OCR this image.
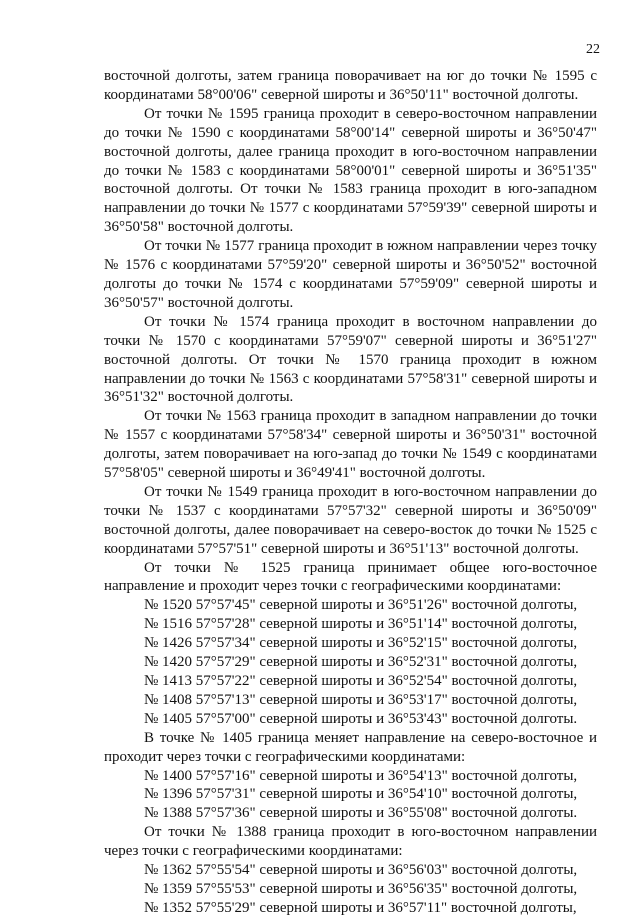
22

восточной долготы, затем граница поворачивает на юг до точки № 1595 с координатами 58°00'06" северной широты и 36°50'11" восточной долготы.

От точки № 1595 граница проходит в северо-восточном направлении до точки № 1590 с координатами 58°00'14" северной широты и 36°50'47" восточной долготы, далее граница проходит в юго-восточном направлении до точки № 1583 с координатами 58°00'01" северной широты и 36°51'35" восточной долготы. От точки № 1583 граница проходит в юго-западном направлении до точки № 1577 с координатами 57°59'39" северной широты и 36°50'58" восточной долготы.

От точки № 1577 граница проходит в южном направлении через точку № 1576 с координатами 57°59'20" северной широты и 36°50'52" восточной долготы до точки № 1574 с координатами 57°59'09" северной широты и 36°50'57" восточной долготы.

От точки № 1574 граница проходит в восточном направлении до точки № 1570 с координатами 57°59'07" северной широты и 36°51'27" восточной долготы. От точки № 1570 граница проходит в южном направлении до точки № 1563 с координатами 57°58'31" северной широты и 36°51'32" восточной долготы.

От точки № 1563 граница проходит в западном направлении до точки № 1557 с координатами 57°58'34" северной широты и 36°50'31" восточной долготы, затем поворачивает на юго-запад до точки № 1549 с координатами 57°58'05" северной широты и 36°49'41" восточной долготы.

От точки № 1549 граница проходит в юго-восточном направлении до точки № 1537 с координатами 57°57'32" северной широты и 36°50'09" восточной долготы, далее поворачивает на северо-восток до точки № 1525 с координатами 57°57'51" северной широты и 36°51'13" восточной долготы.

От точки № 1525 граница принимает общее юго-восточное направление и проходит через точки с географическими координатами:

№ 1520 57°57'45" северной широты и 36°51'26" восточной долготы,
№ 1516 57°57'28" северной широты и 36°51'14" восточной долготы,
№ 1426 57°57'34" северной широты и 36°52'15" восточной долготы,
№ 1420 57°57'29" северной широты и 36°52'31" восточной долготы,
№ 1413 57°57'22" северной широты и 36°52'54" восточной долготы,
№ 1408 57°57'13" северной широты и 36°53'17" восточной долготы,
№ 1405 57°57'00" северной широты и 36°53'43" восточной долготы.

В точке № 1405 граница меняет направление на северо-восточное и проходит через точки с географическими координатами:

№ 1400 57°57'16" северной широты и 36°54'13" восточной долготы,
№ 1396 57°57'31" северной широты и 36°54'10" восточной долготы,
№ 1388 57°57'36" северной широты и 36°55'08" восточной долготы.

От точки № 1388 граница проходит в юго-восточном направлении через точки с географическими координатами:

№ 1362 57°55'54" северной широты и 36°56'03" восточной долготы,
№ 1359 57°55'53" северной широты и 36°56'35" восточной долготы,
№ 1352 57°55'29" северной широты и 36°57'11" восточной долготы,
